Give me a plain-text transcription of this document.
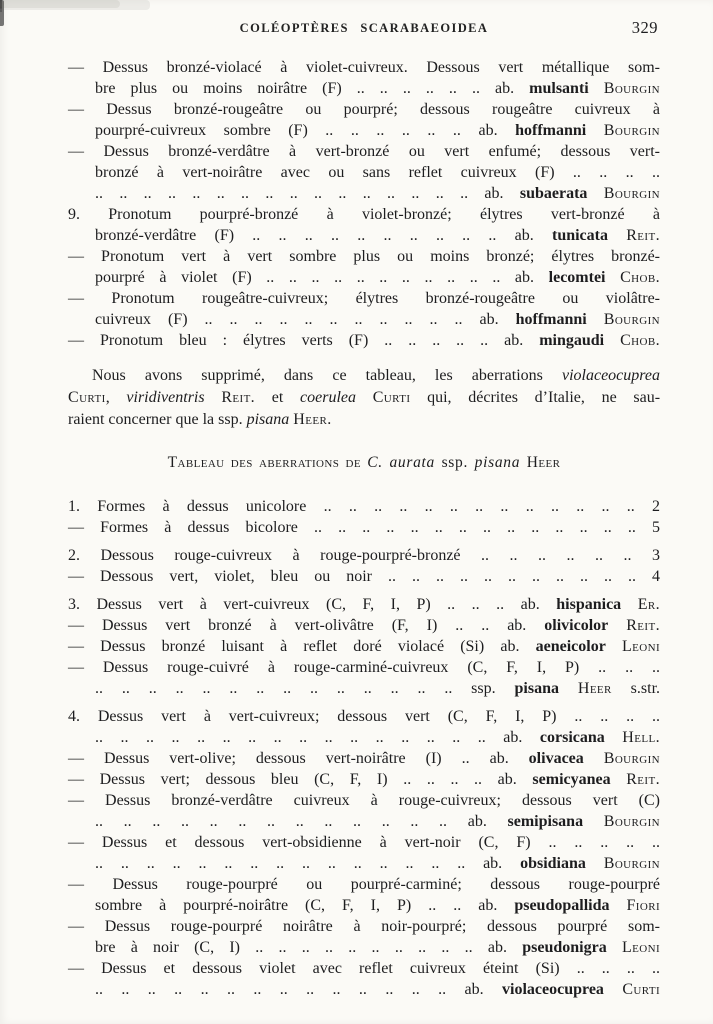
COLÉOPTÈRES SCARABAEOIDEA	329
— Dessus bronzé-violacé à violet-cuivreux. Dessous vert métallique som-
bre plus ou moins noirâtre (F) .. .. .. .. .. .. ab. mulsanti Bourgin
— Dessus bronzé-rougeâtre ou pourpré; dessous rougeâtre cuivreux à
pourpré-cuivreux sombre (F) .. .. .. .. .. .. ab. hoffmanni Bourgin
— Dessus bronzé-verdâtre à vert-bronzé ou vert enfumé; dessous vert-
bronzé à vert-noirâtre avec ou sans reflet cuivreux (F) .. .. .. ..
.. .. .. .. .. .. .. .. .. .. .. .. .. .. .. .. ab. subaerata Bourgin
9. Pronotum pourpré-bronzé à violet-bronzé; élytres vert-bronzé à
bronzé-verdâtre (F) .. .. .. .. .. .. .. .. .. .. ab. tunicata Reit.
— Pronotum vert à vert sombre plus ou moins bronzé; élytres bronzé-
pourpré à violet (F) .. .. .. .. .. .. .. .. .. .. .. ab. lecomtei Chob.
— Pronotum rougeâtre-cuivreux; élytres bronzé-rougeâtre ou violâtre-
cuivreux (F) .. .. .. .. .. .. .. .. .. .. .. ab. hoffmanni Bourgin
— Pronotum bleu : élytres verts (F) .. .. .. .. .. ab. mingaudi Chob.
Nous avons supprimé, dans ce tableau, les aberrations violaceocuprea
Curti, viridiventris Reit. et coerulea Curti qui, décrites d’Italie, ne sau-
raient concerner que la ssp. pisana Heer.
Tableau des aberrations de C. aurata ssp. pisana Heer
1. Formes à dessus unicolore .. .. .. .. .. .. .. .. .. .. .. .. .. 2
— Formes à dessus bicolore .. .. .. .. .. .. .. .. .. .. .. .. .. .. 5
2. Dessous rouge-cuivreux à rouge-pourpré-bronzé .. .. .. .. .. .. 3
— Dessous vert, violet, bleu ou noir .. .. .. .. .. .. .. .. .. .. .. 4
3. Dessus vert à vert-cuivreux (C, F, I, P) .. .. .. ab. hispanica Er.
— Dessus vert bronzé à vert-olivâtre (F, I) .. .. ab. olivicolor Reit.
— Dessus bronzé luisant à reflet doré violacé (Si) ab. aeneicolor Leoni
— Dessus rouge-cuivré à rouge-carminé-cuivreux (C, F, I, P) .. .. ..
.. .. .. .. .. .. .. .. .. .. .. .. .. .. ssp. pisana Heer s.str.
4. Dessus vert à vert-cuivreux; dessous vert (C, F, I, P) .. .. .. ..
.. .. .. .. .. .. .. .. .. .. .. .. .. .. .. .. ab. corsicana Hell.
— Dessus vert-olive; dessous vert-noirâtre (I) .. ab. olivacea Bourgin
— Dessus vert; dessous bleu (C, F, I) .. .. .. .. ab. semicyanea Reit.
— Dessus bronzé-verdâtre cuivreux à rouge-cuivreux; dessous vert (C)
.. .. .. .. .. .. .. .. .. .. .. .. .. ab. semipisana Bourgin
— Dessus et dessous vert-obsidienne à vert-noir (C, F) .. .. .. .. ..
.. .. .. .. .. .. .. .. .. .. .. .. .. .. .. ab. obsidiana Bourgin
— Dessus rouge-pourpré ou pourpré-carminé; dessous rouge-pourpré
sombre à pourpré-noirâtre (C, F, I, P) .. .. ab. pseudopallida Fiori
— Dessus rouge-pourpré noirâtre à noir-pourpré; dessous pourpré som-
bre à noir (C, I) .. .. .. .. .. .. .. .. .. .. ab. pseudonigra Leoni
— Dessus et dessous violet avec reflet cuivreux éteint (Si) .. .. .. ..
.. .. .. .. .. .. .. .. .. .. .. .. .. .. ab. violaceocuprea Curti
